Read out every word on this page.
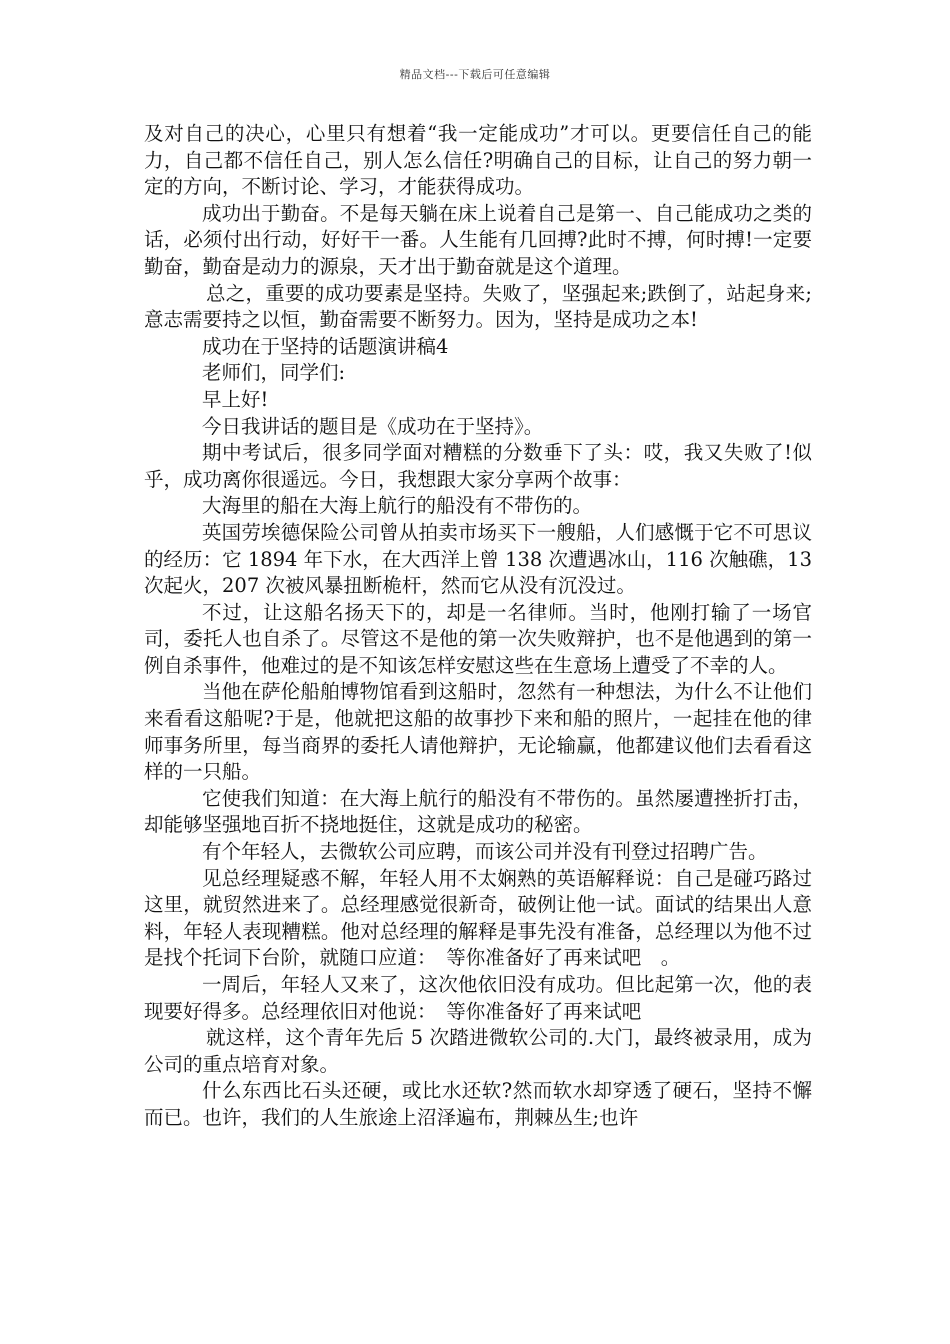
精品文档---下载后可任意编辑

及对自己的决心，心里只有想着“我一定能成功”才可以。更要信任自己的能力，自己都不信任自己，别人怎么信任?明确自己的目标，让自己的努力朝一定的方向，不断讨论、学习，才能获得成功。

成功出于勤奋。不是每天躺在床上说着自己是第一、自己能成功之类的话，必须付出行动，好好干一番。人生能有几回搏?此时不搏，何时搏!一定要勤奋，勤奋是动力的源泉，天才出于勤奋就是这个道理。

总之，重要的成功要素是坚持。失败了，坚强起来;跌倒了，站起身来;意志需要持之以恒，勤奋需要不断努力。因为，坚持是成功之本!

成功在于坚持的话题演讲稿4

老师们，同学们:

早上好!

今日我讲话的题目是《成功在于坚持》。

期中考试后，很多同学面对糟糕的分数垂下了头：哎，我又失败了!似乎，成功离你很遥远。今日，我想跟大家分享两个故事：

大海里的船在大海上航行的船没有不带伤的。

英国劳埃德保险公司曾从拍卖市场买下一艘船，人们感慨于它不可思议的经历：它 1894 年下水，在大西洋上曾 138 次遭遇冰山，116 次触礁，13 次起火，207 次被风暴扭断桅杆，然而它从没有沉没过。

不过，让这船名扬天下的，却是一名律师。当时，他刚打输了一场官司，委托人也自杀了。尽管这不是他的第一次失败辩护，也不是他遇到的第一例自杀事件，他难过的是不知该怎样安慰这些在生意场上遭受了不幸的人。

当他在萨伦船舶博物馆看到这船时，忽然有一种想法，为什么不让他们来看看这船呢?于是，他就把这船的故事抄下来和船的照片，一起挂在他的律师事务所里，每当商界的委托人请他辩护，无论输赢，他都建议他们去看看这样的一只船。

它使我们知道：在大海上航行的船没有不带伤的。虽然屡遭挫折打击，却能够坚强地百折不挠地挺住，这就是成功的秘密。

有个年轻人，去微软公司应聘，而该公司并没有刊登过招聘广告。

见总经理疑惑不解，年轻人用不太娴熟的英语解释说：自己是碰巧路过这里，就贸然进来了。总经理感觉很新奇，破例让他一试。面试的结果出人意料，年轻人表现糟糕。他对总经理的解释是事先没有准备，总经理以为他不过是找个托词下台阶，就随口应道：　等你准备好了再来试吧　。

一周后，年轻人又来了，这次他依旧没有成功。但比起第一次，他的表现要好得多。总经理依旧对他说：　等你准备好了再来试吧

就这样，这个青年先后 5 次踏进微软公司的.大门，最终被录用，成为公司的重点培育对象。

什么东西比石头还硬，或比水还软?然而软水却穿透了硬石，坚持不懈而已。也许，我们的人生旅途上沼泽遍布，荆棘丛生;也许
